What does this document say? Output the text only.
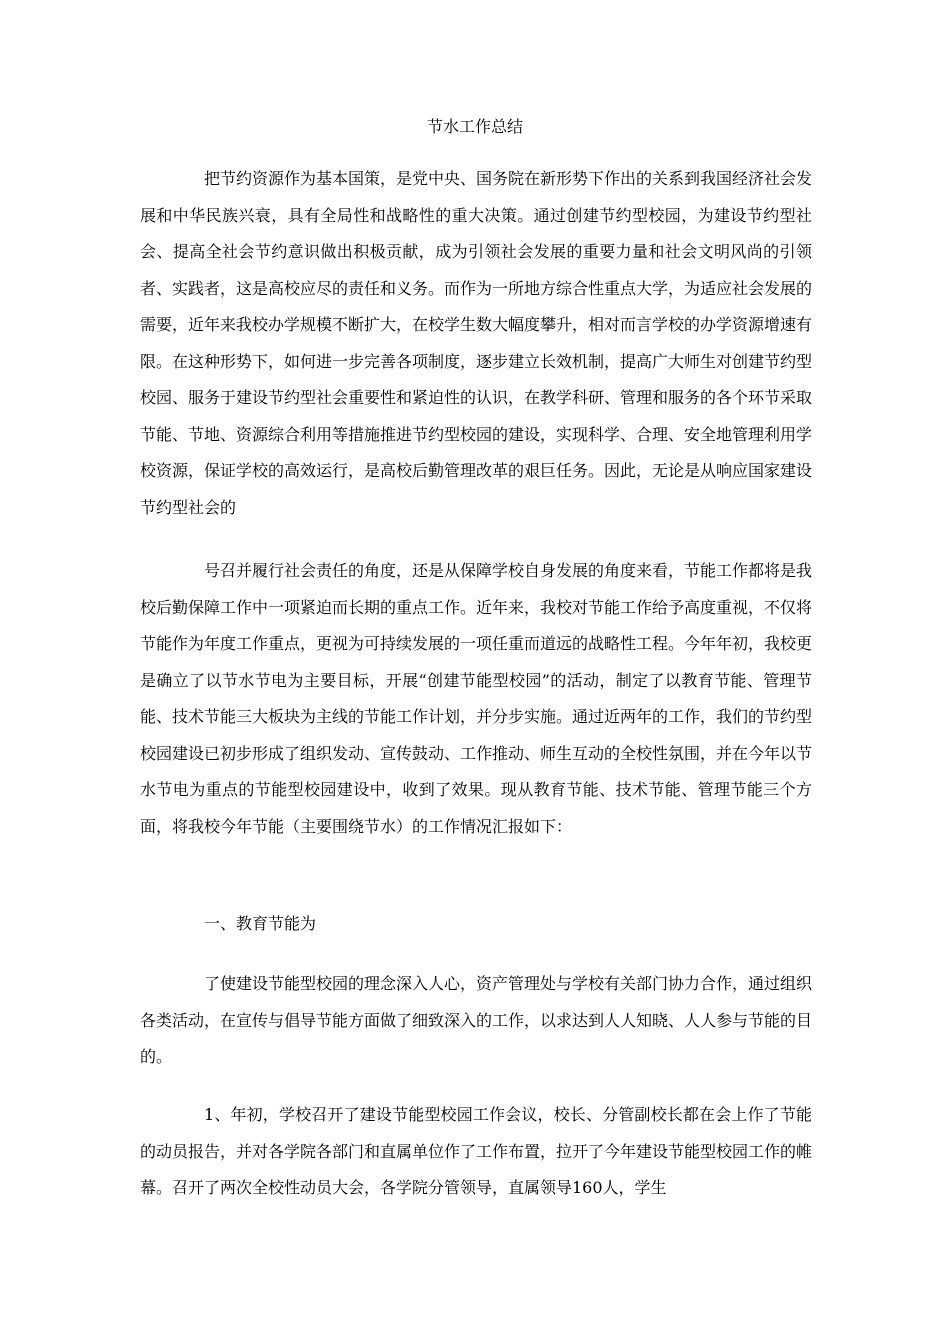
节水工作总结

把节约资源作为基本国策，是党中央、国务院在新形势下作出的关系到我国经济社会发展和中华民族兴衰，具有全局性和战略性的重大决策。通过创建节约型校园，为建设节约型社会、提高全社会节约意识做出积极贡献，成为引领社会发展的重要力量和社会文明风尚的引领者、实践者，这是高校应尽的责任和义务。而作为一所地方综合性重点大学，为适应社会发展的需要，近年来我校办学规模不断扩大，在校学生数大幅度攀升，相对而言学校的办学资源增速有限。在这种形势下，如何进一步完善各项制度，逐步建立长效机制，提高广大师生对创建节约型校园、服务于建设节约型社会重要性和紧迫性的认识，在教学科研、管理和服务的各个环节采取节能、节地、资源综合利用等措施推进节约型校园的建设，实现科学、合理、安全地管理利用学校资源，保证学校的高效运行，是高校后勤管理改革的艰巨任务。因此，无论是从响应国家建设节约型社会的

号召并履行社会责任的角度，还是从保障学校自身发展的角度来看，节能工作都将是我校后勤保障工作中一项紧迫而长期的重点工作。近年来，我校对节能工作给予高度重视，不仅将节能作为年度工作重点，更视为可持续发展的一项任重而道远的战略性工程。今年年初，我校更是确立了以节水节电为主要目标，开展“创建节能型校园”的活动，制定了以教育节能、管理节能、技术节能三大板块为主线的节能工作计划，并分步实施。通过近两年的工作，我们的节约型校园建设已初步形成了组织发动、宣传鼓动、工作推动、师生互动的全校性氛围，并在今年以节水节电为重点的节能型校园建设中，收到了效果。现从教育节能、技术节能、管理节能三个方面，将我校今年节能（主要围绕节水）的工作情况汇报如下：

一、教育节能为

了使建设节能型校园的理念深入人心，资产管理处与学校有关部门协力合作，通过组织各类活动，在宣传与倡导节能方面做了细致深入的工作，以求达到人人知晓、人人参与节能的目的。

1、年初，学校召开了建设节能型校园工作会议，校长、分管副校长都在会上作了节能的动员报告，并对各学院各部门和直属单位作了工作布置，拉开了今年建设节能型校园工作的帷幕。召开了两次全校性动员大会，各学院分管领导，直属领导160人，学生
